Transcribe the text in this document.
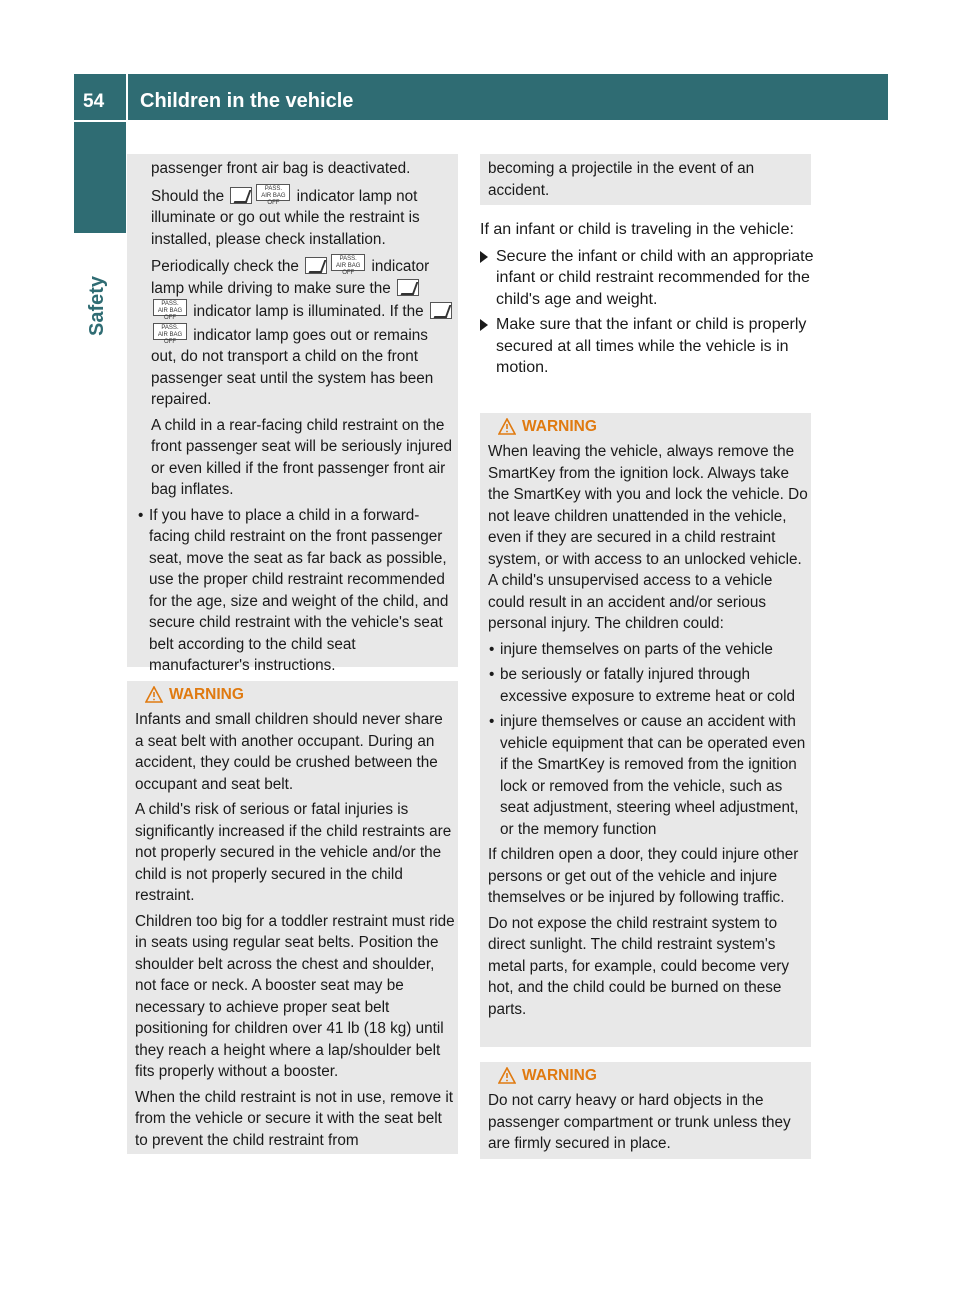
54	Children in the vehicle
Safety

passenger front air bag is deactivated.

Should the	PASS.
AIR BAG OFF indicator lamp not illuminate or go out while the restraint is installed, please check installation.

Periodically check the	PASS.
AIR BAG OFF indicator lamp while driving to make sure the PASS.
AIR BAG OFF indicator lamp is illuminated. If the PASS.
AIR BAG OFF indicator lamp goes out or remains out, do not transport a child on the front passenger seat until the system has been repaired.

A child in a rear-facing child restraint on the front passenger seat will be seriously injured or even killed if the front passenger front air bag inflates.

• If you have to place a child in a forward-facing child restraint on the front passenger seat, move the seat as far back as possible, use the proper child restraint recommended for the age, size and weight of the child, and secure child restraint with the vehicle's seat belt according to the child seat manufacturer's instructions.
WARNING

Infants and small children should never share a seat belt with another occupant. During an accident, they could be crushed between the occupant and seat belt.

A child's risk of serious or fatal injuries is significantly increased if the child restraints are not properly secured in the vehicle and/or the child is not properly secured in the child restraint.

Children too big for a toddler restraint must ride in seats using regular seat belts. Position the shoulder belt across the chest and shoulder, not face or neck. A booster seat may be necessary to achieve proper seat belt positioning for children over 41 lb (18 kg) until they reach a height where a lap/shoulder belt fits properly without a booster.

When the child restraint is not in use, remove it from the vehicle or secure it with the seat belt to prevent the child restraint from

becoming a projectile in the event of an accident.

If an infant or child is traveling in the vehicle:

Secure the infant or child with an appropriate infant or child restraint recommended for the child's age and weight.
Make sure that the infant or child is properly secured at all times while the vehicle is in motion.
WARNING

When leaving the vehicle, always remove the SmartKey from the ignition lock. Always take the SmartKey with you and lock the vehicle. Do not leave children unattended in the vehicle, even if they are secured in a child restraint system, or with access to an unlocked vehicle. A child's unsupervised access to a vehicle could result in an accident and/or serious personal injury. The children could:

• injure themselves on parts of the vehicle
• be seriously or fatally injured through excessive exposure to extreme heat or cold
• injure themselves or cause an accident with vehicle equipment that can be operated even if the SmartKey is removed from the ignition lock or removed from the vehicle, such as seat adjustment, steering wheel adjustment, or the memory function

If children open a door, they could injure other persons or get out of the vehicle and injure themselves or be injured by following traffic.

Do not expose the child restraint system to direct sunlight. The child restraint system's metal parts, for example, could become very hot, and the child could be burned on these parts.

WARNING

Do not carry heavy or hard objects in the passenger compartment or trunk unless they are firmly secured in place.
